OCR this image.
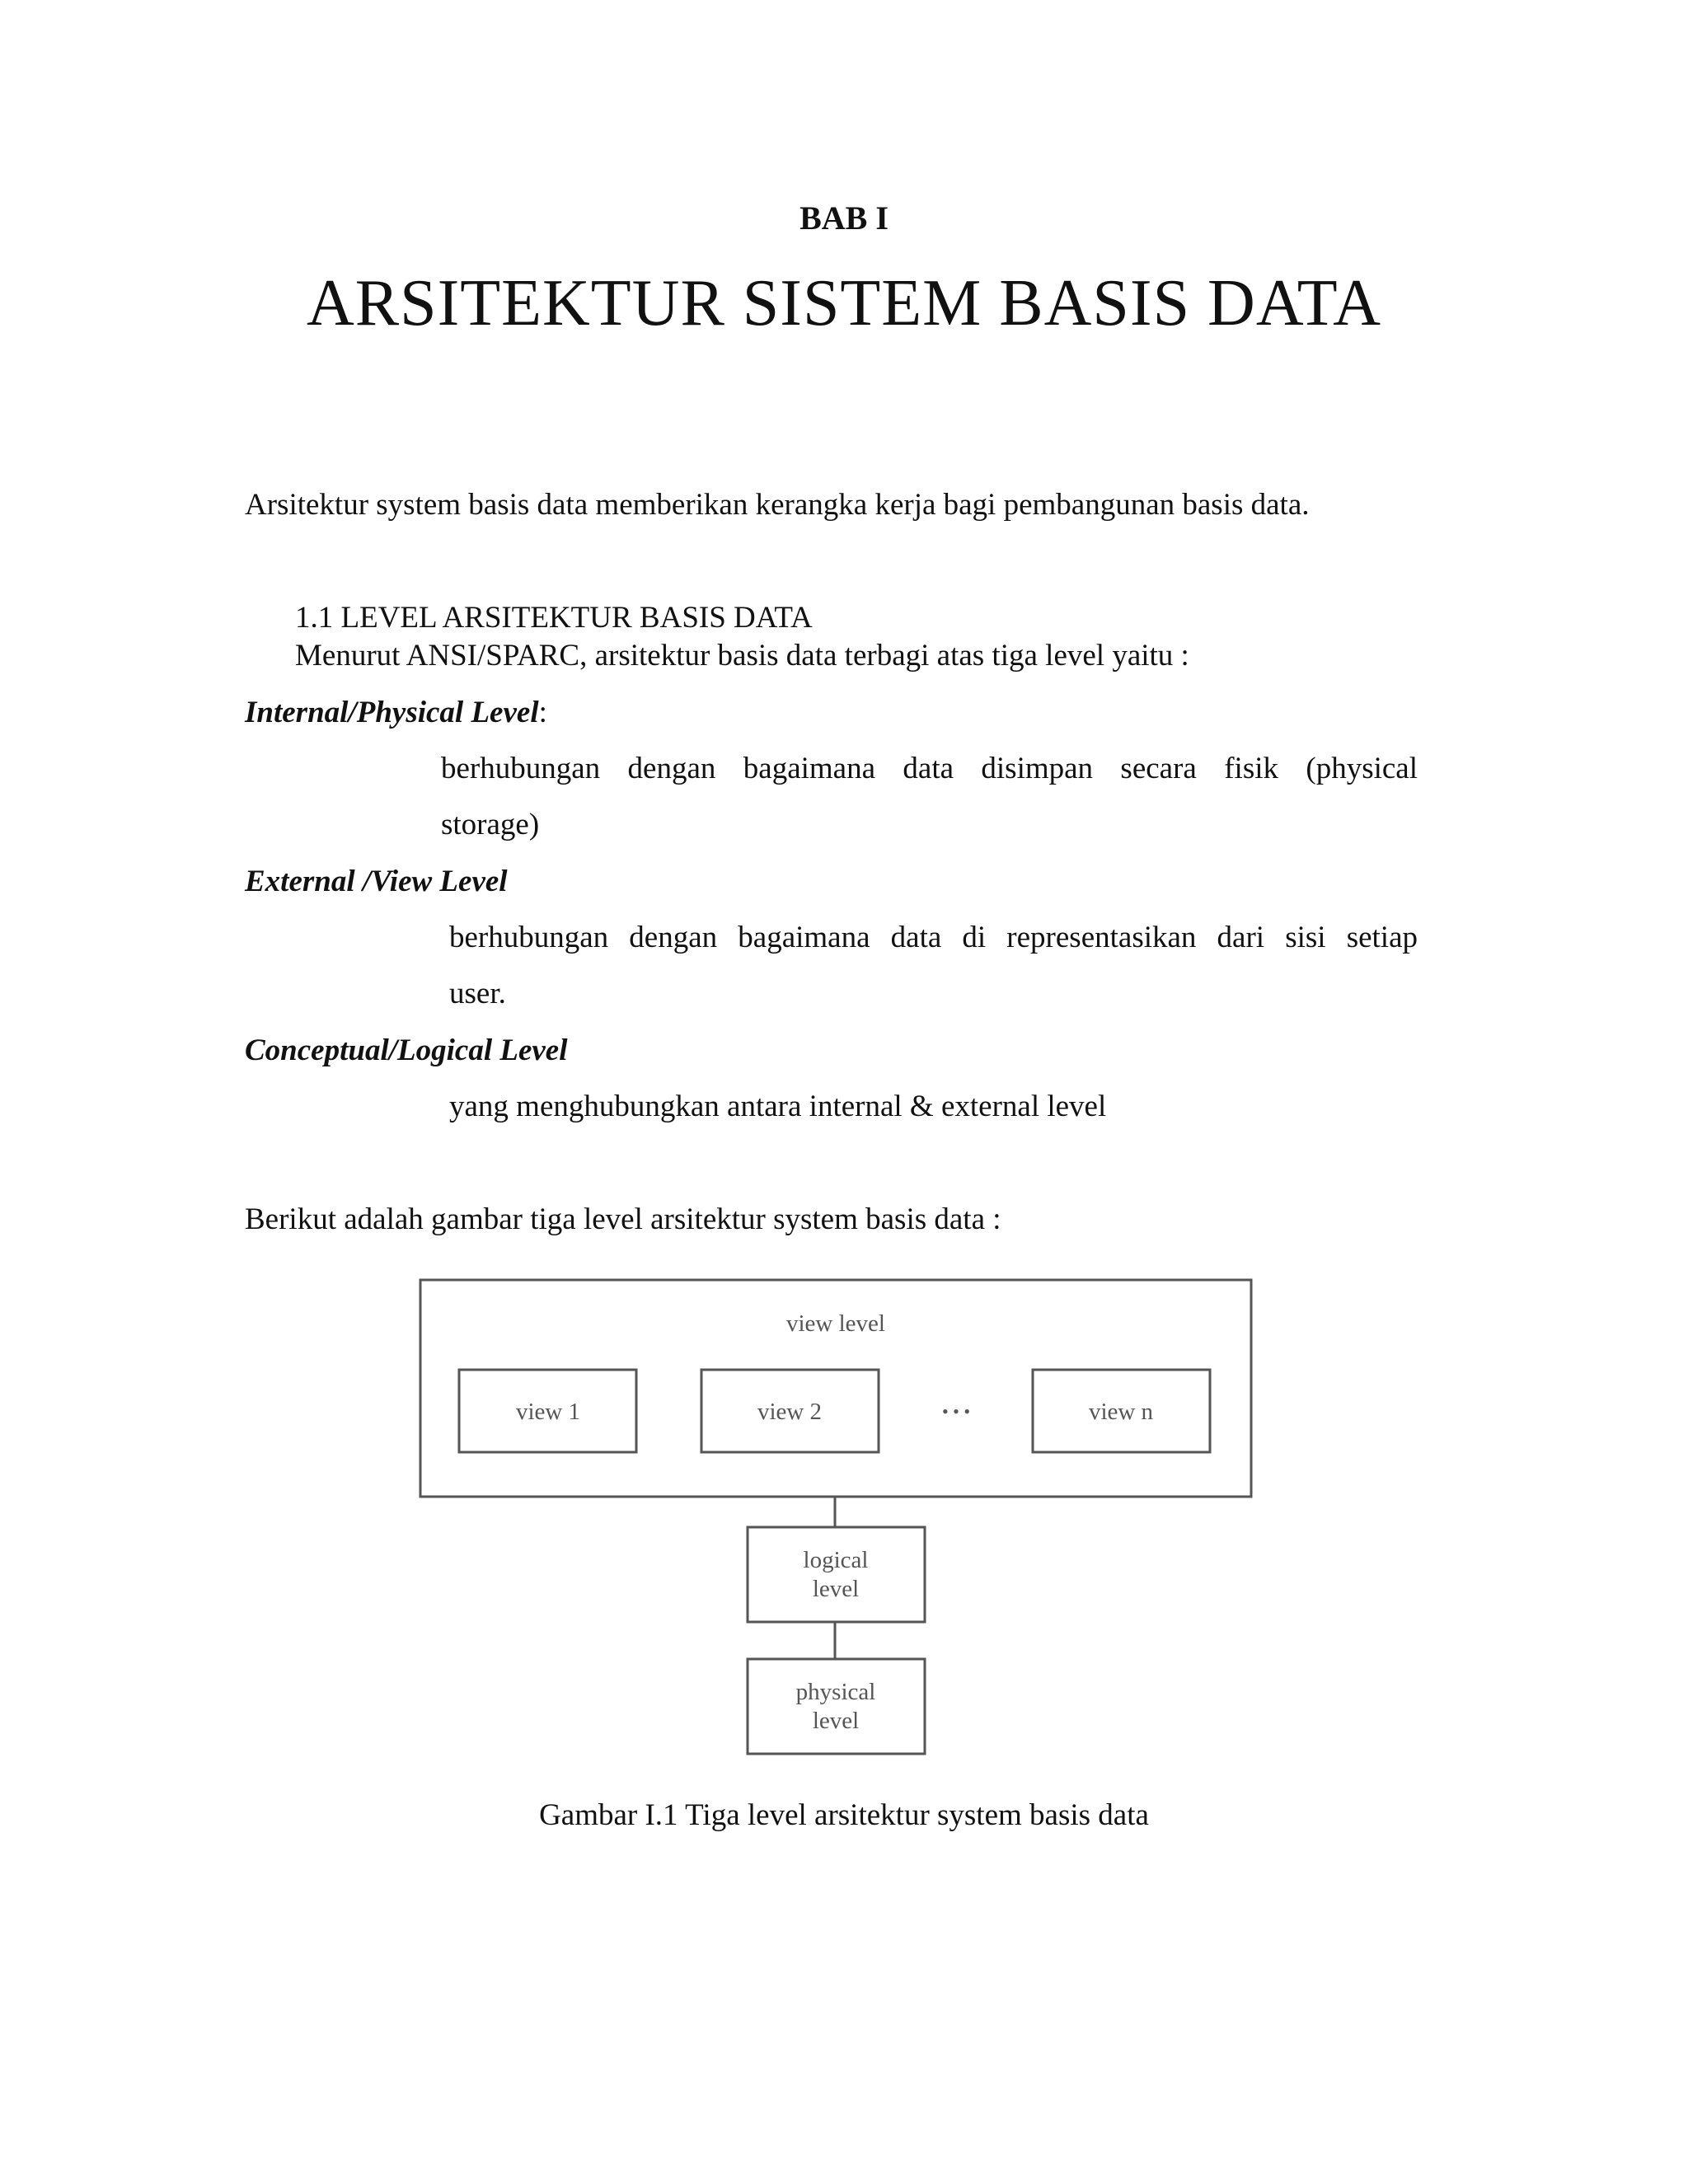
BAB I
ARSITEKTUR SISTEM BASIS DATA
Arsitektur system basis data memberikan kerangka kerja bagi pembangunan basis data.
1.1 LEVEL ARSITEKTUR BASIS DATA
Menurut ANSI/SPARC, arsitektur basis data terbagi atas tiga level yaitu :
Internal/Physical Level:
berhubungan dengan bagaimana data disimpan secara fisik (physical
storage)
External /View Level
berhubungan dengan bagaimana data di representasikan dari sisi setiap
user.
Conceptual/Logical Level
yang menghubungkan antara internal & external level
Berikut adalah gambar tiga level arsitektur system basis data :
view level
view 1	view 2	• • •	view n
logical
level
physical
level
Gambar I.1 Tiga level arsitektur system basis data
